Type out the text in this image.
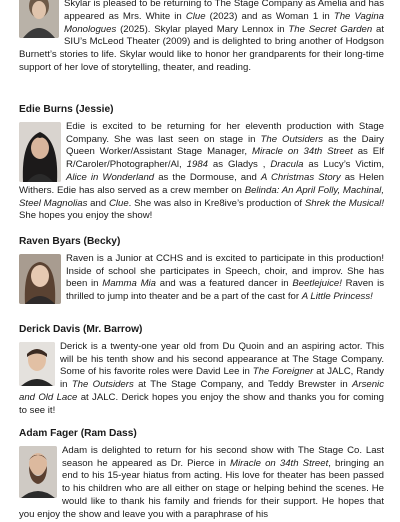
Skylar is pleased to be returning to The Stage Company as Amelia and has appeared as Mrs. White in Clue (2023) and as Woman 1 in The Vagina Monologues (2025). Skylar played Mary Lennox in The Secret Garden at SIU’s McLeod Theater (2009) and is delighted to bring another of Hodgson Burnett’s stories to life. Skylar would like to honor her grandparents for their long-time support of her love of storytelling, theater, and reading.
Edie Burns (Jessie)
Edie is excited to be returning for her eleventh production with Stage Company. She was last seen on stage in The Outsiders as the Dairy Queen Worker/Assistant Stage Manager, Miracle on 34th Street as Elf R/Caroler/Photographer/Al, 1984 as Gladys , Dracula as Lucy’s Victim, Alice in Wonderland as the Dormouse, and A Christmas Story as Helen Withers. Edie has also served as a crew member on Belinda: An April Folly, Machinal, Steel Magnolias and Clue. She was also in Kre8ive’s production of Shrek the Musical! She hopes you enjoy the show!
Raven Byars (Becky)
Raven is a Junior at CCHS and is excited to participate in this production! Inside of school she participates in Speech, choir, and improv. She has been in Mamma Mia and was a featured dancer in Beetlejuice! Raven is thrilled to jump into theater and be a part of the cast for A Little Princess!
Derick Davis (Mr. Barrow)
Derick is a twenty-one year old from Du Quoin and an aspiring actor. This will be his tenth show and his second appearance at The Stage Company. Some of his favorite roles were David Lee in The Foreigner at JALC, Randy in The Outsiders at The Stage Company, and Teddy Brewster in Arsenic and Old Lace at JALC. Derick hopes you enjoy the show and thanks you for coming to see it!
Adam Fager (Ram Dass)
Adam is delighted to return for his second show with The Stage Co. Last season he appeared as Dr. Pierce in Miracle on 34th Street, bringing an end to his 15-year hiatus from acting. His love for theater has been passed to his children who are all either on stage or helping behind the scenes. He would like to thank his family and friends for their support. He hopes that you enjoy the show and leave you with a paraphrase of his
